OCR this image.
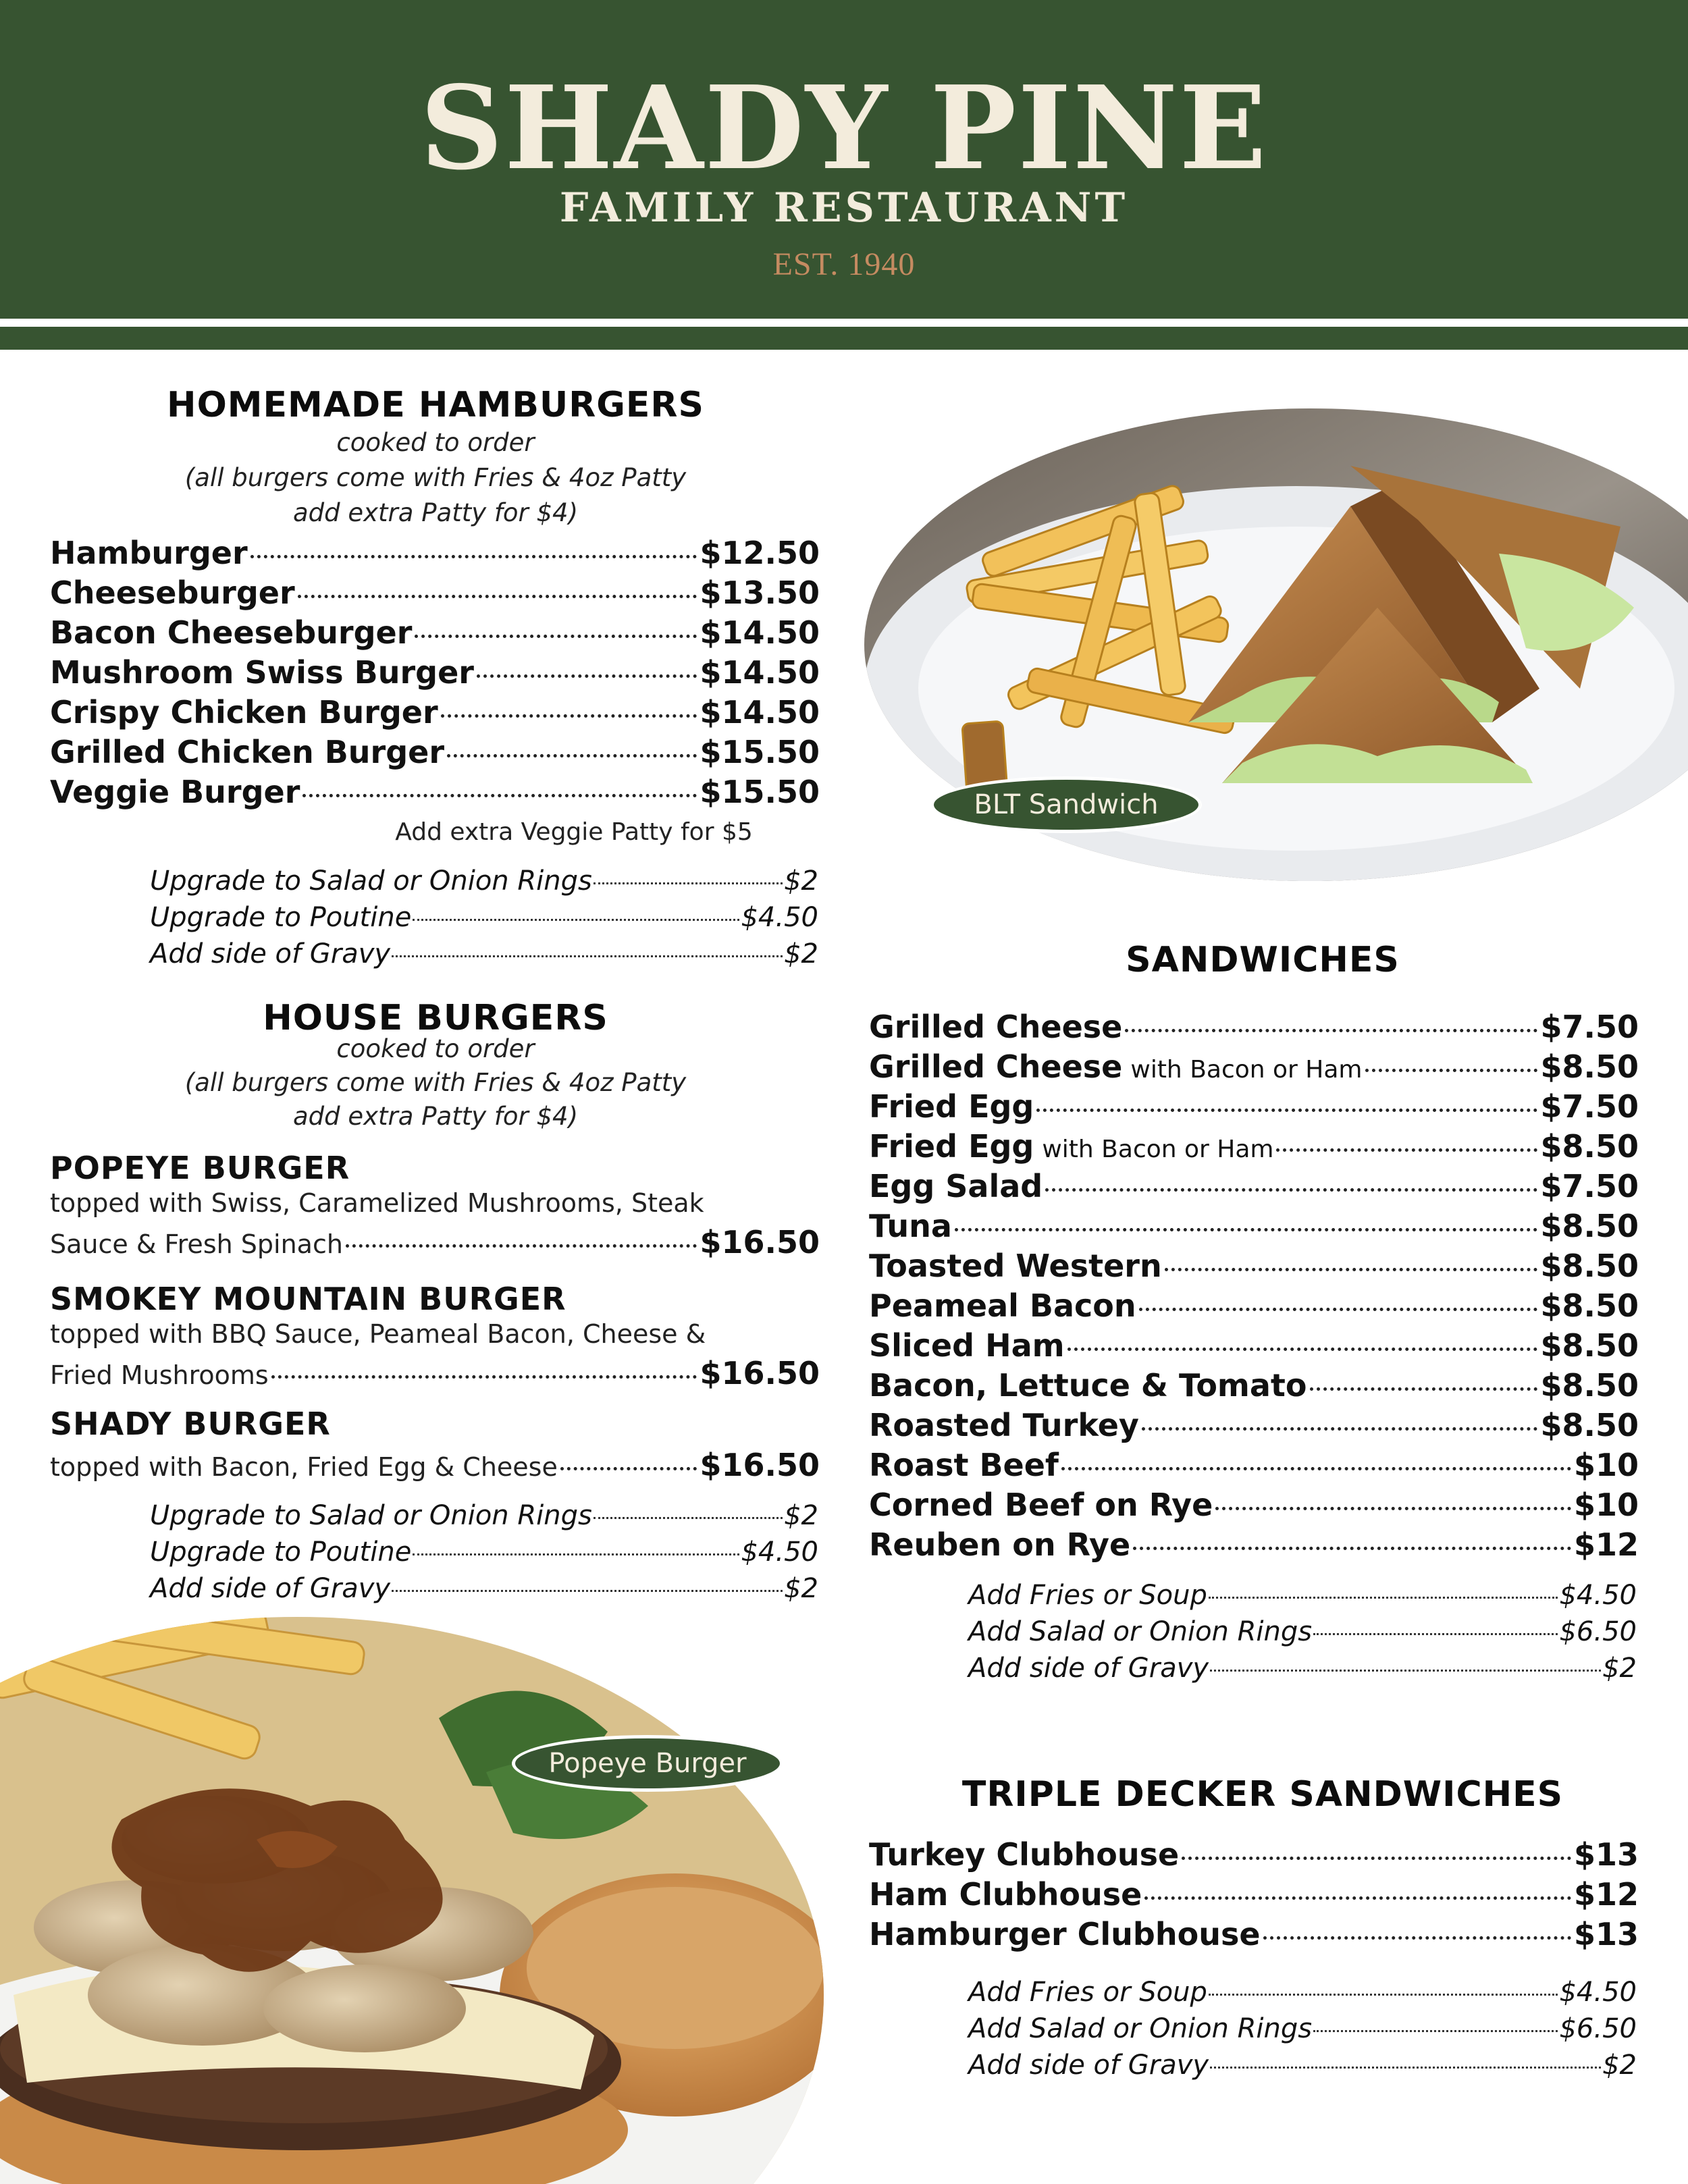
SHADY PINE
FAMILY RESTAURANT
EST. 1940
HOMEMADE HAMBURGERS
cooked to order
(all burgers come with Fries & 4oz Patty
add extra Patty for $4)
Hamburger	$12.50
Cheeseburger	$13.50
Bacon Cheeseburger	$14.50
Mushroom Swiss Burger	$14.50
Crispy Chicken Burger	$14.50
Grilled Chicken Burger	$15.50
Veggie Burger	$15.50
Add extra Veggie Patty for $5
Upgrade to Salad or Onion Rings	$2
Upgrade to Poutine	$4.50
Add side of Gravy	$2
HOUSE BURGERS
cooked to order
(all burgers come with Fries & 4oz Patty
add extra Patty for $4)
POPEYE BURGER
topped with Swiss, Caramelized Mushrooms, Steak
Sauce & Fresh Spinach	$16.50
SMOKEY MOUNTAIN BURGER
topped with BBQ Sauce, Peameal Bacon, Cheese &
Fried Mushrooms	$16.50
SHADY BURGER
topped with Bacon, Fried Egg & Cheese	$16.50
Upgrade to Salad or Onion Rings	$2
Upgrade to Poutine	$4.50
Add side of Gravy	$2
BLT Sandwich
SANDWICHES
Grilled Cheese	$7.50
Grilled Cheese with Bacon or Ham	$8.50
Fried Egg	$7.50
Fried Egg with Bacon or Ham	$8.50
Egg Salad	$7.50
Tuna	$8.50
Toasted Western	$8.50
Peameal Bacon	$8.50
Sliced Ham	$8.50
Bacon, Lettuce & Tomato	$8.50
Roasted Turkey	$8.50
Roast Beef	$10
Corned Beef on Rye	$10
Reuben on Rye	$12
Add Fries or Soup	$4.50
Add Salad or Onion Rings	$6.50
Add side of Gravy	$2
TRIPLE DECKER SANDWICHES
Turkey Clubhouse	$13
Ham Clubhouse	$12
Hamburger Clubhouse	$13
Add Fries or Soup	$4.50
Add Salad or Onion Rings	$6.50
Add side of Gravy	$2
Popeye Burger
